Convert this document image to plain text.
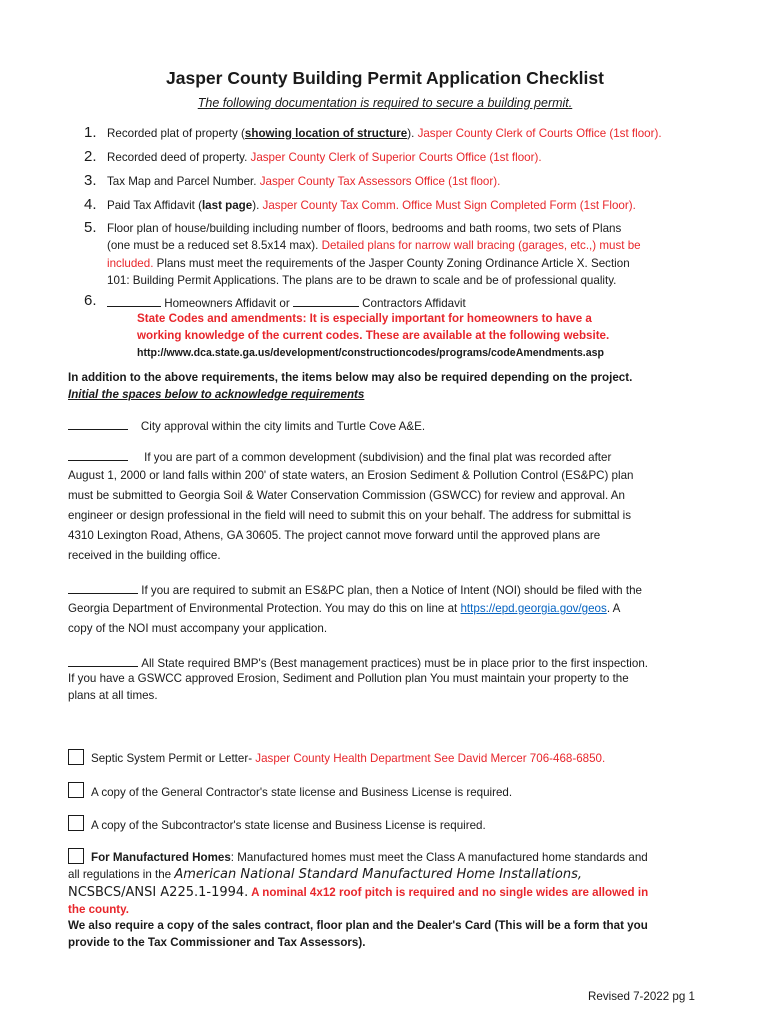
Jasper County Building Permit Application Checklist
The following documentation is required to secure a building permit.
1. Recorded plat of property (showing location of structure). Jasper County Clerk of Courts Office (1st floor).
2. Recorded deed of property. Jasper County Clerk of Superior Courts Office (1st floor).
3. Tax Map and Parcel Number. Jasper County Tax Assessors Office (1st floor).
4. Paid Tax Affidavit (last page). Jasper County Tax Comm. Office Must Sign Completed Form (1st Floor).
5. Floor plan of house/building including number of floors, bedrooms and bath rooms, two sets of Plans
(one must be a reduced set 8.5x14 max). Detailed plans for narrow wall bracing (garages, etc.,) must be
included. Plans must meet the requirements of the Jasper County Zoning Ordinance Article X. Section
101: Building Permit Applications. The plans are to be drawn to scale and be of professional quality.
6.	Homeowners Affidavit or	Contractors Affidavit
State Codes and amendments: It is especially important for homeowners to have a
working knowledge of the current codes. These are available at the following website.
http://www.dca.state.ga.us/development/constructioncodes/programs/codeAmendments.asp
In addition to the above requirements, the items below may also be required depending on the project.
Initial the spaces below to acknowledge requirements
City approval within the city limits and Turtle Cove A&E.
If you are part of a common development (subdivision) and the final plat was recorded after
August 1, 2000 or land falls within 200' of state waters, an Erosion Sediment & Pollution Control (ES&PC) plan
must be submitted to Georgia Soil & Water Conservation Commission (GSWCC) for review and approval. An
engineer or design professional in the field will need to submit this on your behalf. The address for submittal is
4310 Lexington Road, Athens, GA 30605. The project cannot move forward until the approved plans are
received in the building office.
If you are required to submit an ES&PC plan, then a Notice of Intent (NOI) should be filed with the
Georgia Department of Environmental Protection. You may do this on line at https://epd.georgia.gov/geos. A
copy of the NOI must accompany your application.
All State required BMP's (Best management practices) must be in place prior to the first inspection.
If you have a GSWCC approved Erosion, Sediment and Pollution plan You must maintain your property to the
plans at all times.
Septic System Permit or Letter- Jasper County Health Department See David Mercer 706-468-6850.
A copy of the General Contractor's state license and Business License is required.
A copy of the Subcontractor's state license and Business License is required.
For Manufactured Homes: Manufactured homes must meet the Class A manufactured home standards and
all regulations in the American National Standard Manufactured Home Installations,
NCSBCS/ANSI A225.1-1994. A nominal 4x12 roof pitch is required and no single wides are allowed in
the county.
We also require a copy of the sales contract, floor plan and the Dealer's Card (This will be a form that you
provide to the Tax Commissioner and Tax Assessors).
Revised 7-2022 pg 1
